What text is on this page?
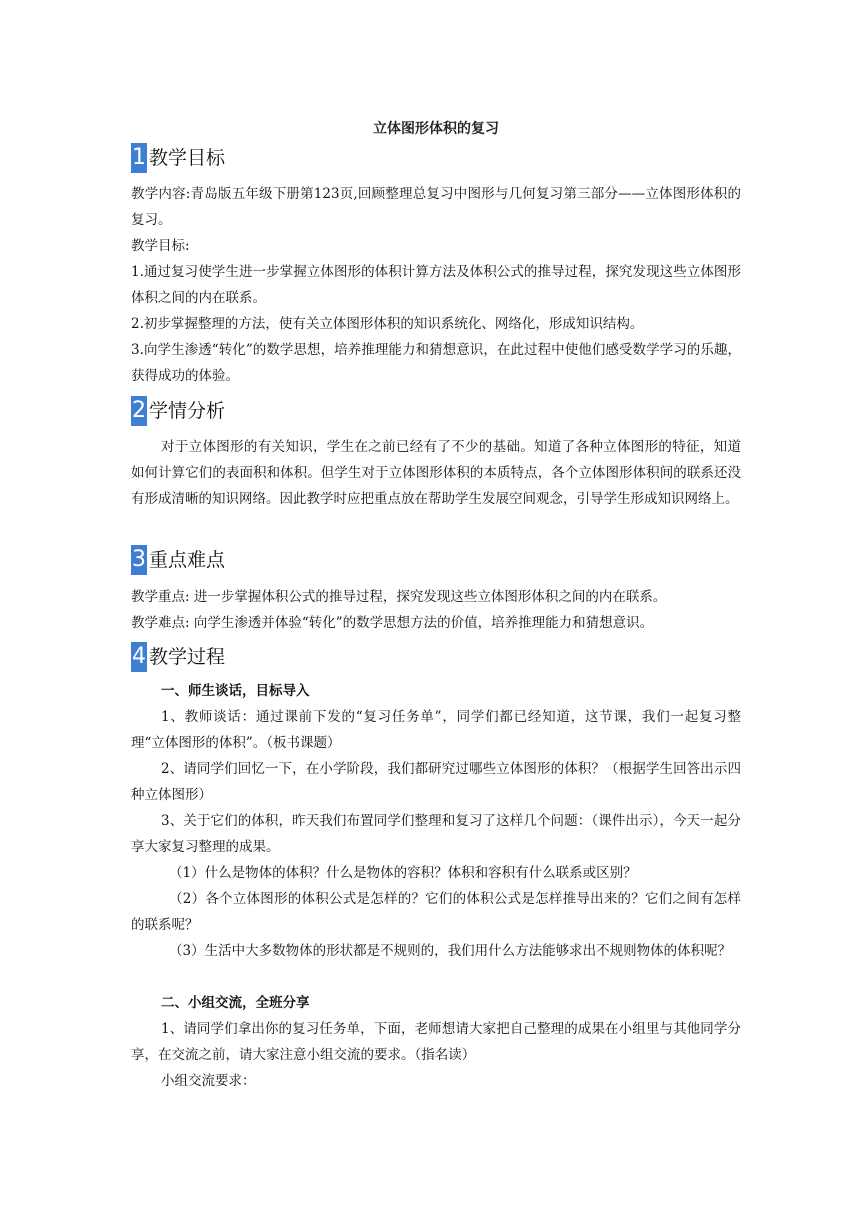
立体图形体积的复习
1 教学目标

教学内容:青岛版五年级下册第123页,回顾整理总复习中图形与几何复习第三部分——立体图形体积的复习。

教学目标:

1.通过复习使学生进一步掌握立体图形的体积计算方法及体积公式的推导过程，探究发现这些立体图形体积之间的内在联系。

2.初步掌握整理的方法，使有关立体图形体积的知识系统化、网络化，形成知识结构。

3.向学生渗透“转化”的数学思想，培养推理能力和猜想意识，在此过程中使他们感受数学学习的乐趣，获得成功的体验。

2 学情分析

对于立体图形的有关知识，学生在之前已经有了不少的基础。知道了各种立体图形的特征，知道如何计算它们的表面积和体积。但学生对于立体图形体积的本质特点，各个立体图形体积间的联系还没有形成清晰的知识网络。因此教学时应把重点放在帮助学生发展空间观念，引导学生形成知识网络上。

3 重点难点

教学重点: 进一步掌握体积公式的推导过程，探究发现这些立体图形体积之间的内在联系。

教学难点: 向学生渗透并体验“转化”的数学思想方法的价值，培养推理能力和猜想意识。

4 教学过程

一、师生谈话，目标导入

1、教师谈话：通过课前下发的“复习任务单”，同学们都已经知道，这节课，我们一起复习整理“立体图形的体积”。（板书课题）

2、请同学们回忆一下，在小学阶段，我们都研究过哪些立体图形的体积？（根据学生回答出示四种立体图形）

3、关于它们的体积，昨天我们布置同学们整理和复习了这样几个问题：（课件出示），今天一起分享大家复习整理的成果。

（1）什么是物体的体积？什么是物体的容积？体积和容积有什么联系或区别？

（2）各个立体图形的体积公式是怎样的？它们的体积公式是怎样推导出来的？它们之间有怎样的联系呢？

（3）生活中大多数物体的形状都是不规则的，我们用什么方法能够求出不规则物体的体积呢？

二、小组交流，全班分享

1、请同学们拿出你的复习任务单，下面，老师想请大家把自己整理的成果在小组里与其他同学分享，在交流之前，请大家注意小组交流的要求。（指名读）

小组交流要求：
